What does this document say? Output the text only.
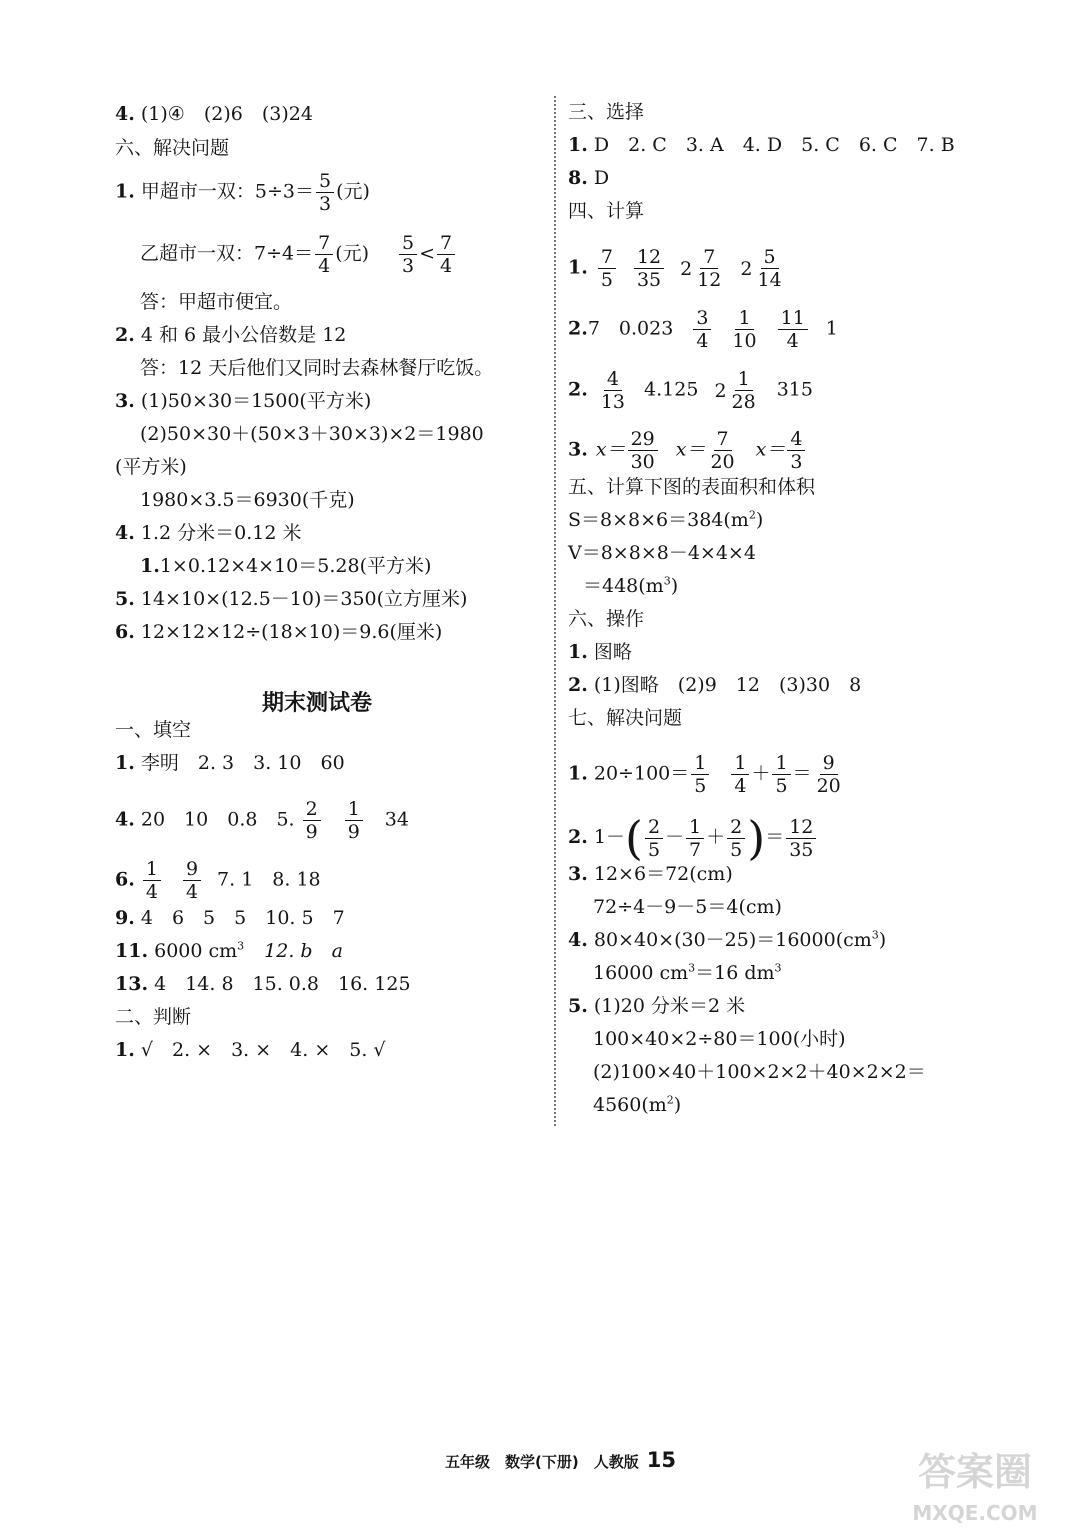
4. (1)④　(2)6　(3)24
六、解决问题
1. 甲超市一双：$5\div 3= \frac{5}{3}$ (元)
乙超市一双：$7\div 4= \frac{7}{4}$ (元) $\frac{5}{3} < \frac{7}{4}$
答：甲超市便宜。
2. 4 和 6 最小公倍数是 12
答：12 天后他们又同时去森林餐厅吃饭。
3. (1)50×30＝1500(平方米)
(2)50×30＋(50×3＋30×3)×2＝1980
(平方米)
1980×3.5＝6930(千克)
4. 1.2 分米＝0.12 米
1.1×0.12×4×10＝5.28(平方米)
5. 14×10×(12.5－10)＝350(立方厘米)
6. 12×12×12÷(18×10)＝9.6(厘米)
期末测试卷
一、填空
1. 李明　2. 3　3. 10　60
4. 20　10　0.8　5. $\frac{2}{9} \frac{1}{9} 34$
6. $\frac{1}{4} \frac{9}{4} 7$. 1　8. 18
9. 4　6　5　5　10. 5　7
11. 6000 $cm^3$ 12. b　a
13. 4　14. 8　15. 0.8　16. 125
二、判断
1. √　2. ×　3. ×　4. ×　5. √
三、选择
1. D　2. C　3. A　4. D　5. C　6. C　7. B
8. D
四、计算
1. $\frac{7}{5} \frac{12}{35} 2$
7
12
2
5
14
2.7　$0.023 \frac{3}{4} \frac{1}{10} \frac{11}{4} 1$
2. $\frac{4}{13} 4.125$ 2
1
28
315
3. $x= \frac{29}{30} x= \frac{7}{20} x= \frac{4}{3}$
五、计算下图的表面积和体积
$S=8\times 8\times 6=384(m^2)$
V＝8×8×8－4×4×4
$=448(m^3)$
六、操作
1. 图略
2. (1)图略　(2)9　12　(3)30　8
七、解决问题
1. $20\div 100= \frac{1}{5} \frac{1}{4} + \frac{1}{5} = \frac{9}{20}$
2. $1-( \frac{2}{5} - \frac{1}{7} + \frac{2}{5}$ )＝ $\frac{12}{35}$
3. 12×6＝72(cm)
72÷4－9－5＝4(cm)
4. $80\times 40\times(30-25)=16000(cm^3)$
16000 $cm^3=16$ $dm^3$
5. (1)20 分米＝2 米
100×40×2÷80＝100(小时)
(2)100×40＋100×2×2＋40×2×2＝
$4560(m^2)$
五年级　数学(下册)　人教版 15	答案圈
MXQE.COM
